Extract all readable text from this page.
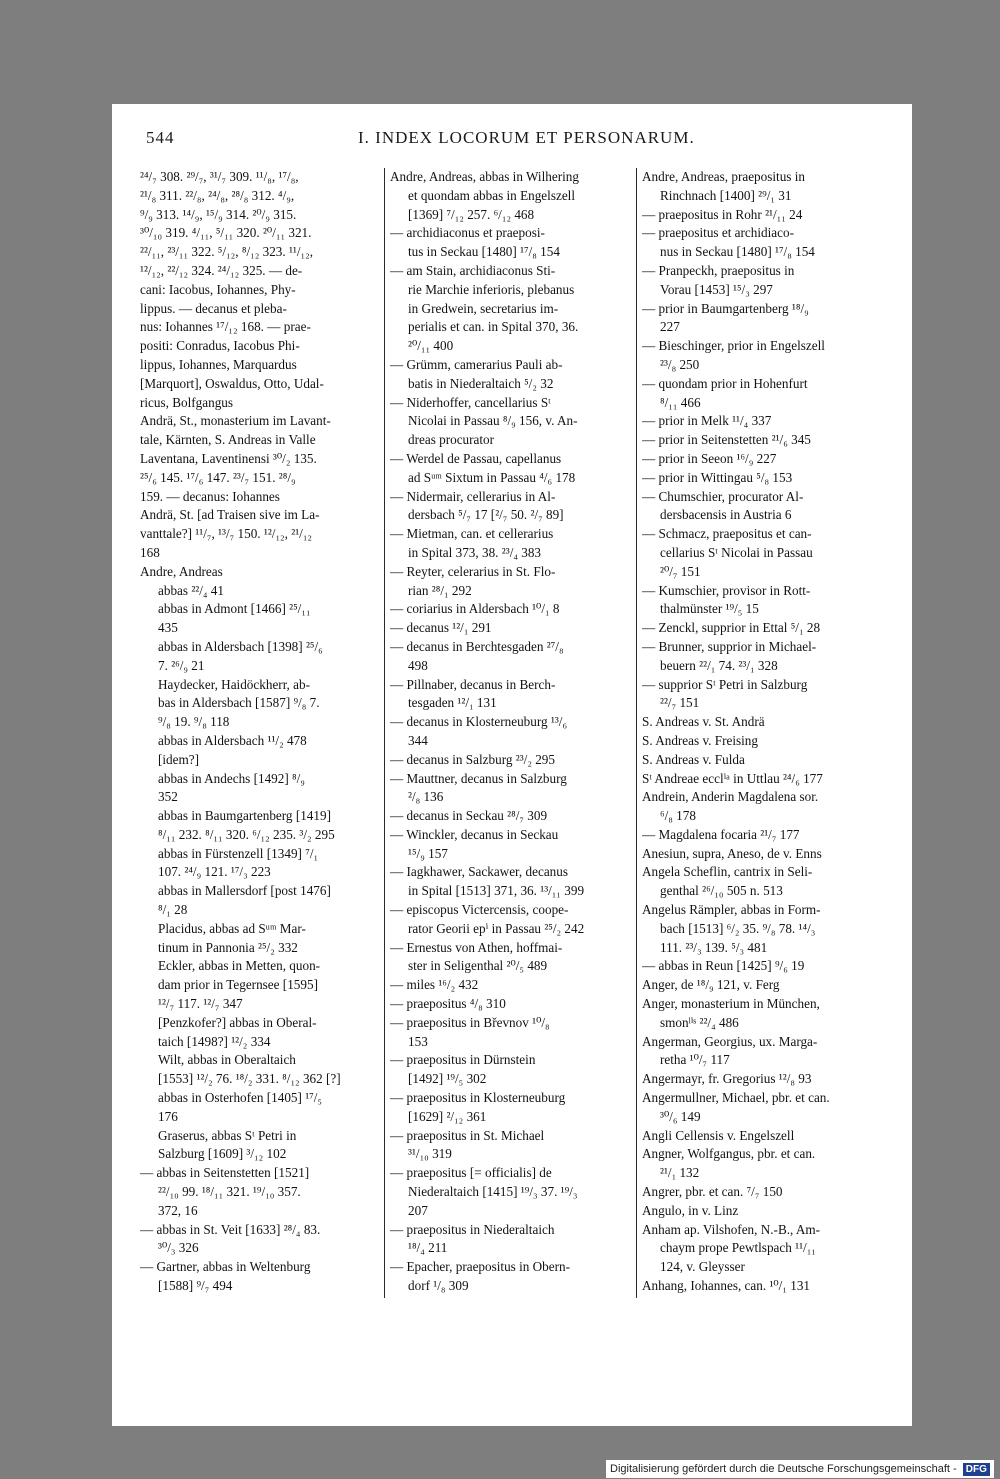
544	I. INDEX LOCORUM ET PERSONARUM.
²⁴/₇ 308. ²⁹/₇, ³¹/₇ 309. ¹¹/₈, ¹⁷/₈,
²¹/₈ 311. ²²/₈, ²⁴/₈, ²⁸/₈ 312. ⁴/₉,
⁹/₉ 313. ¹⁴/₉, ¹⁵/₉ 314. ²⁰/₉ 315.
³⁰/₁₀ 319. ⁴/₁₁, ⁵/₁₁ 320. ²⁰/₁₁ 321.
²²/₁₁, ²³/₁₁ 322. ⁵/₁₂, ⁸/₁₂ 323. ¹¹/₁₂,
¹²/₁₂, ²²/₁₂ 324. ²⁴/₁₂ 325. — de-
cani: Iacobus, Iohannes, Phy-
lippus. — decanus et pleba-
nus: Iohannes ¹⁷/₁₂ 168. — prae-
positi: Conradus, Iacobus Phi-
lippus, Iohannes, Marquardus
[Marquort], Oswaldus, Otto, Udal-
ricus, Bolfgangus
Andrä, St., monasterium im Lavant-
tale, Kärnten, S. Andreas in Valle
Laventana, Laventinensi ³⁰/₂ 135.
²⁵/₆ 145. ¹⁷/₆ 147. ²³/₇ 151. ²⁸/₉
159. — decanus: Iohannes
Andrä, St. [ad Traisen sive im La-
vanttale?] ¹¹/₇, ¹³/₇ 150. ¹²/₁₂, ²¹/₁₂
168
Andre, Andreas
abbas ²²/₄ 41
abbas in Admont [1466] ²⁵/₁₁
435
abbas in Aldersbach [1398] ²⁵/₆
7. ²⁶/₉ 21
Haydecker, Haidöckherr, ab-
bas in Aldersbach [1587] ⁹/₈ 7.
⁹/₈ 19. ⁹/₈ 118
abbas in Aldersbach ¹¹/₂ 478
[idem?]
abbas in Andechs [1492] ⁸/₉
352
abbas in Baumgartenberg [1419]
⁸/₁₁ 232. ⁸/₁₁ 320. ⁶/₁₂ 235. ³/₂ 295
abbas in Fürstenzell [1349] ⁷/₁
107. ²⁴/₉ 121. ¹⁷/₃ 223
abbas in Mallersdorf [post 1476]
⁸/₁ 28
Placidus, abbas ad Sᵘᵐ Mar-
tinum in Pannonia ²⁵/₂ 332
Eckler, abbas in Metten, quon-
dam prior in Tegernsee [1595]
¹²/₇ 117. ¹²/₇ 347
[Penzkofer?] abbas in Oberal-
taich [1498?] ¹²/₂ 334
Wilt, abbas in Oberaltaich
[1553] ¹²/₂ 76. ¹⁸/₂ 331. ⁸/₁₂ 362 [?]
abbas in Osterhofen [1405] ¹⁷/₅
176
Graserus, abbas Sᵗ Petri in
Salzburg [1609] ³/₁₂ 102
— abbas in Seitenstetten [1521]
²²/₁₀ 99. ¹⁸/₁₁ 321. ¹⁹/₁₀ 357.
372, 16
— abbas in St. Veit [1633] ²⁸/₄ 83.
³⁰/₃ 326
— Gartner, abbas in Weltenburg
[1588] ⁹/₇ 494
Andre, Andreas, abbas in Wilhering
et quondam abbas in Engelszell
[1369] ⁷/₁₂ 257. ⁶/₁₂ 468
— archidiaconus et praeposi-
tus in Seckau [1480] ¹⁷/₈ 154
— am Stain, archidiaconus Sti-
rie Marchie inferioris, plebanus
in Gredwein, secretarius im-
perialis et can. in Spital 370, 36.
²⁰/₁₁ 400
— Grümm, camerarius Pauli ab-
batis in Niederaltaich ⁵/₂ 32
— Niderhoffer, cancellarius Sᵗ
Nicolai in Passau ⁸/₉ 156, v. An-
dreas procurator
— Werdel de Passau, capellanus
ad Sᵘᵐ Sixtum in Passau ⁴/₆ 178
— Nidermair, cellerarius in Al-
dersbach ⁵/₇ 17 [²/₇ 50. ²/₇ 89]
— Mietman, can. et cellerarius
in Spital 373, 38. ²³/₄ 383
— Reyter, celerarius in St. Flo-
rian ²⁸/₁ 292
— coriarius in Aldersbach ¹⁰/₁ 8
— decanus ¹²/₁ 291
— decanus in Berchtesgaden ²⁷/₈
498
— Pillnaber, decanus in Berch-
tesgaden ¹²/₁ 131
— decanus in Klosterneuburg ¹³/₆
344
— decanus in Salzburg ²³/₂ 295
— Mauttner, decanus in Salzburg
²/₈ 136
— decanus in Seckau ²⁸/₇ 309
— Winckler, decanus in Seckau
¹⁵/₉ 157
— Iagkhawer, Sackawer, decanus
in Spital [1513] 371, 36. ¹³/₁₁ 399
— episcopus Victercensis, coope-
rator Georii epⁱ in Passau ²⁵/₂ 242
— Ernestus von Athen, hoffmai-
ster in Seligenthal ²⁰/₅ 489
— miles ¹⁶/₂ 432
— praepositus ⁴/₈ 310
— praepositus in Břevnov ¹⁰/₈
153
— praepositus in Dürnstein
[1492] ¹⁹/₅ 302
— praepositus in Klosterneuburg
[1629] ²/₁₂ 361
— praepositus in St. Michael
³¹/₁₀ 319
— praepositus [= officialis] de
Niederaltaich [1415] ¹⁹/₃ 37. ¹⁹/₃
207
— praepositus in Niederaltaich
¹⁸/₄ 211
— Epacher, praepositus in Obern-
dorf ¹/₈ 309
Andre, Andreas, praepositus in
Rinchnach [1400] ²⁹/₁ 31
— praepositus in Rohr ²¹/₁₁ 24
— praepositus et archidiaco-
nus in Seckau [1480] ¹⁷/₈ 154
— Pranpeckh, praepositus in
Vorau [1453] ¹⁵/₃ 297
— prior in Baumgartenberg ¹⁸/₉
227
— Bieschinger, prior in Engelszell
²³/₈ 250
— quondam prior in Hohenfurt
⁸/₁₁ 466
— prior in Melk ¹¹/₄ 337
— prior in Seitenstetten ²¹/₆ 345
— prior in Seeon ¹⁶/₉ 227
— prior in Wittingau ⁵/₈ 153
— Chumschier, procurator Al-
dersbacensis in Austria 6
— Schmacz, praepositus et can-
cellarius Sᵗ Nicolai in Passau
²⁰/₇ 151
— Kumschier, provisor in Rott-
thalmünster ¹⁹/₅ 15
— Zenckl, supprior in Ettal ⁵/₁ 28
— Brunner, supprior in Michael-
beuern ²²/₁ 74. ²³/₁ 328
— supprior Sᵗ Petri in Salzburg
²²/₇ 151
S. Andreas v. St. Andrä
S. Andreas v. Freising
S. Andreas v. Fulda
Sᵗ Andreae ecclⁱᵃ in Uttlau ²⁴/₆ 177
Andrein, Anderin Magdalena sor.
⁶/₈ 178
— Magdalena focaria ²¹/₇ 177
Anesiun, supra, Aneso, de v. Enns
Angela Scheflin, cantrix in Seli-
genthal ²⁶/₁₀ 505 n. 513
Angelus Rämpler, abbas in Form-
bach [1513] ⁶/₂ 35. ⁹/₈ 78. ¹⁴/₃
111. ²³/₃ 139. ⁵/₃ 481
— abbas in Reun [1425] ⁹/₆ 19
Anger, de ¹⁸/₉ 121, v. Ferg
Anger, monasterium in München,
smonˡⁱˢ ²²/₄ 486
Angerman, Georgius, ux. Marga-
retha ¹⁰/₇ 117
Angermayr, fr. Gregorius ¹²/₈ 93
Angermullner, Michael, pbr. et can.
³⁰/₆ 149
Angli Cellensis v. Engelszell
Angner, Wolfgangus, pbr. et can.
²¹/₁ 132
Angrer, pbr. et can. ⁷/₇ 150
Angulo, in v. Linz
Anham ap. Vilshofen, N.-B., Am-
chaym prope Pewtlspach ¹¹/₁₁
124, v. Gleysser
Anhang, Iohannes, can. ¹⁰/₁ 131
Digitalisierung gefördert durch die Deutsche Forschungsgemeinschaft - DFG
